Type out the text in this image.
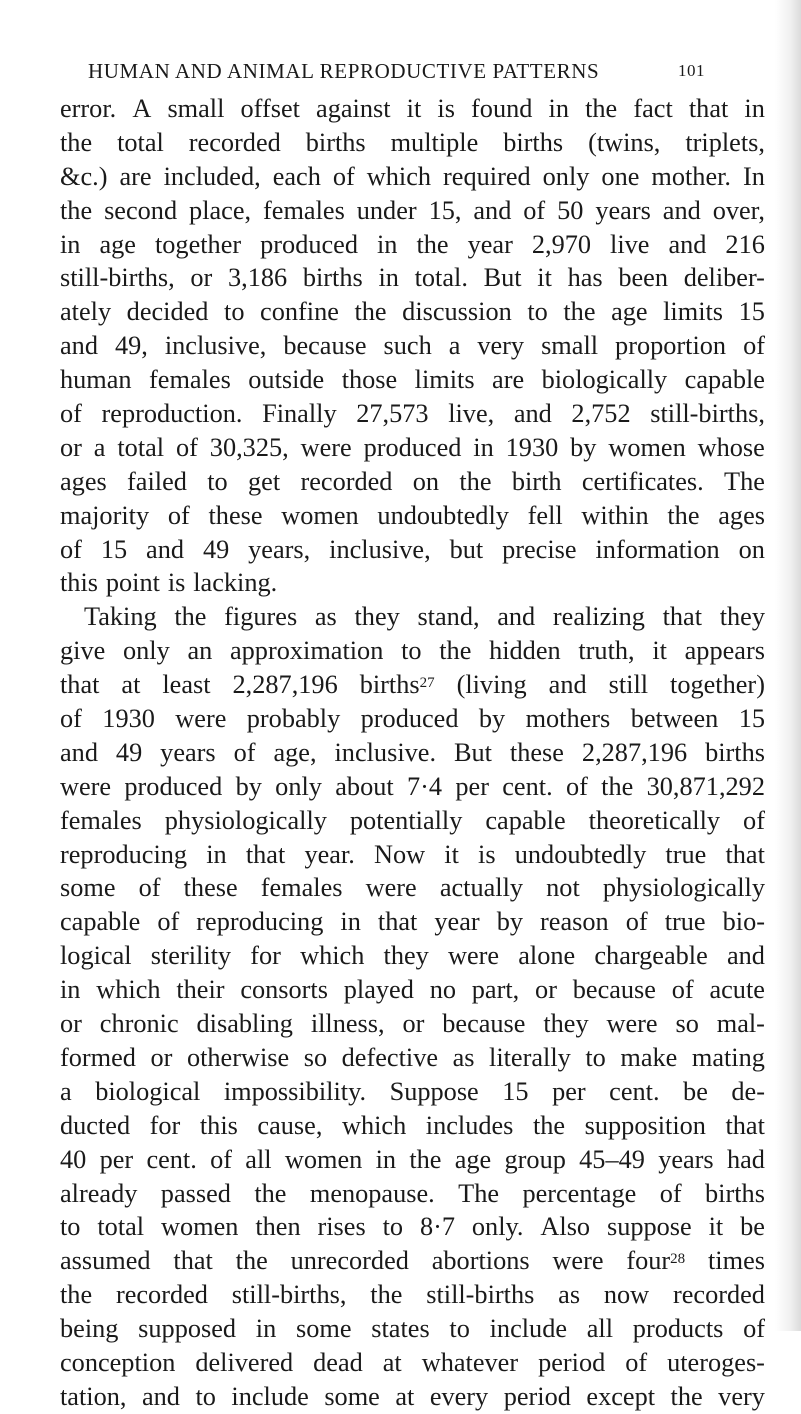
HUMAN AND ANIMAL REPRODUCTIVE PATTERNS	101
error. A small offset against it is found in the fact that in
the total recorded births multiple births (twins, triplets,
&c.) are included, each of which required only one mother. In
the second place, females under 15, and of 50 years and over,
in age together produced in the year 2,970 live and 216
still-births, or 3,186 births in total. But it has been deliber-
ately decided to confine the discussion to the age limits 15
and 49, inclusive, because such a very small proportion of
human females outside those limits are biologically capable
of reproduction. Finally 27,573 live, and 2,752 still-births,
or a total of 30,325, were produced in 1930 by women whose
ages failed to get recorded on the birth certificates. The
majority of these women undoubtedly fell within the ages
of 15 and 49 years, inclusive, but precise information on
this point is lacking.
Taking the figures as they stand, and realizing that they
give only an approximation to the hidden truth, it appears
that at least 2,287,196 births$^{27}$ (living and still together)
of 1930 were probably produced by mothers between 15
and 49 years of age, inclusive. But these 2,287,196 births
were produced by only about 7·4 per cent. of the 30,871,292
females physiologically potentially capable theoretically of
reproducing in that year. Now it is undoubtedly true that
some of these females were actually not physiologically
capable of reproducing in that year by reason of true bio-
logical sterility for which they were alone chargeable and
in which their consorts played no part, or because of acute
or chronic disabling illness, or because they were so mal-
formed or otherwise so defective as literally to make mating
a biological impossibility. Suppose 15 per cent. be de-
ducted for this cause, which includes the supposition that
40 per cent. of all women in the age group 45–49 years had
already passed the menopause. The percentage of births
to total women then rises to 8·7 only. Also suppose it be
assumed that the unrecorded abortions were four$^{28}$ times
the recorded still-births, the still-births as now recorded
being supposed in some states to include all products of
conception delivered dead at whatever period of uteroges-
tation, and to include some at every period except the very
